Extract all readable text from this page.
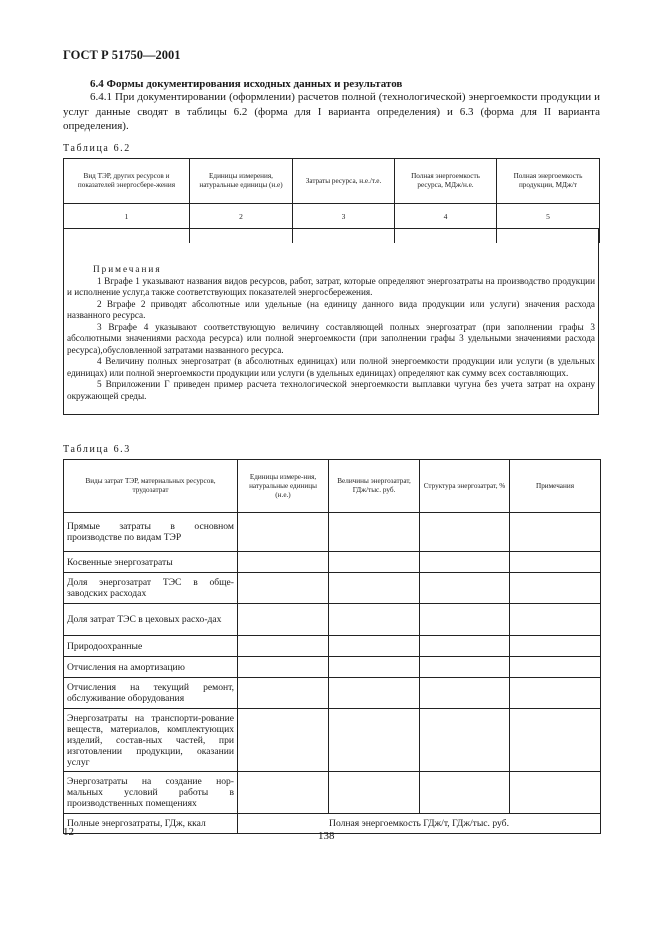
ГОСТ Р 51750—2001
6.4 Формы документирования исходных данных и результатов
6.4.1 При документировании (оформлении) расчетов полной (технологической) энергоемкости продукции и услуг данные сводят в таблицы 6.2 (форма для I варианта определения) и 6.3 (форма для II варианта определения).
Таблица 6.2
Вид ТЭР, других ресурсов и показателей энергосбере-жения	Единицы измерения, натуральные единицы (н.е)	Затраты ресурса, н.е./т.е.	Полная энергоемкость ресурса, МДж/н.е.	Полная энергоемкость продукции, МДж/т
1	2	3	4	5

Примечания
1 Вграфе 1 указывают названия видов ресурсов, работ, затрат, которые определяют энергозатраты на производство продукции и исполнение услуг,а также соответствующих показателей энергосбережения.
2 Вграфе 2 приводят абсолютные или удельные (на единицу данного вида продукции или услуги) значения расхода названного ресурса.
3 Вграфе 4 указывают соответствующую величину составляющей полных энергозатрат (при заполнении графы 3 абсолютными значениями расхода ресурса) или полной энергоемкости (при заполнении графы 3 удельными значениями расхода ресурса),обусловленной затратами названного ресурса.
4 Величину полных энергозатрат (в абсолютных единицах) или полной энергоемкости продукции или услуги (в удельных единицах) или полной энергоемкости продукции или услуги (в удельных единицах) определяют как сумму всех составляющих.
5 Вприложении Г приведен пример расчета технологической энергоемкости выплавки чугуна без учета затрат на охрану окружающей среды.
Таблица 6.3
Виды затрат ТЭР, материальных ресурсов, трудозатрат	Единицы измере-ния, натуральные единицы (н.е.)	Величины энергозатрат, ГДж/тыс. руб.	Структура энергозатрат, %	Примечания
Прямые затраты в основном производстве по видам ТЭР				
Косвенные энергозатраты				
Доля энергозатрат ТЭС в обще-заводских расходах				
Доля затрат ТЭС в цеховых расхо-дах				
Природоохранные				
Отчисления на амортизацию				
Отчисления на текущий ремонт, обслуживание оборудования				
Энергозатраты на транспорти-рование веществ, материалов, комплектующих изделий, состав-ных частей, при изготовлении продукции, оказании услуг				
Энергозатраты на создание нор-мальных условий работы в производственных помещениях				
Полные энергозатраты, ГДж, ккал	Полная энергоемкость ГДж/т, ГДж/тыс. руб.			
12	138
